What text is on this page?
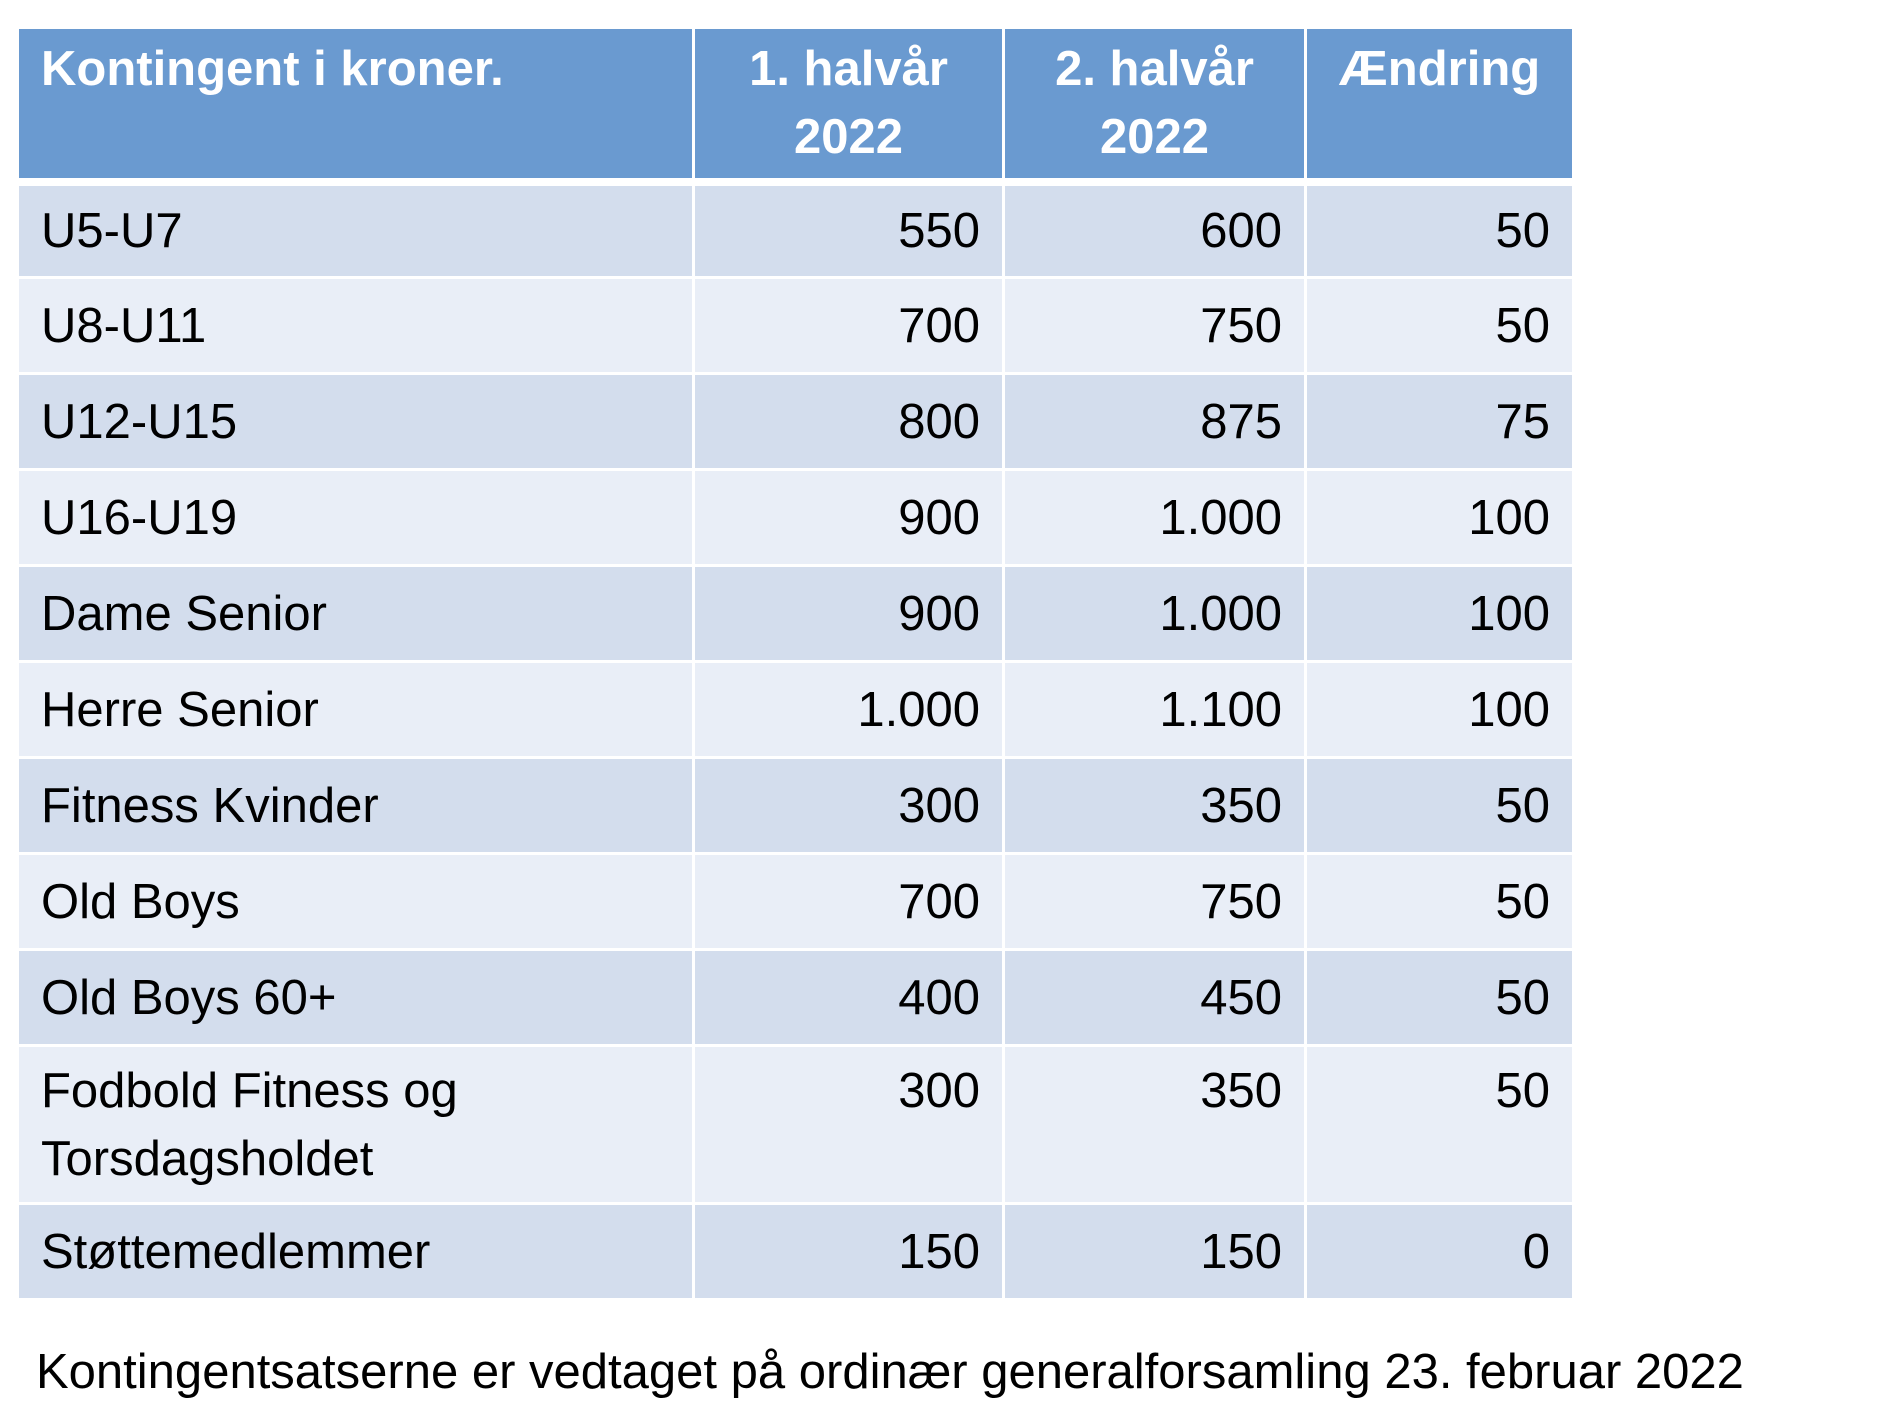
Kontingent i kroner.	1. halvår 2022	2. halvår 2022	Ændring
U5-U7	550	600	50
U8-U11	700	750	50
U12-U15	800	875	75
U16-U19	900	1.000	100
Dame Senior	900	1.000	100
Herre Senior	1.000	1.100	100
Fitness Kvinder	300	350	50
Old Boys	700	750	50
Old Boys 60+	400	450	50
Fodbold Fitness og Torsdagsholdet	300	350	50
Støttemedlemmer	150	150	0
Kontingentsatserne er vedtaget på ordinær generalforsamling 23. februar 2022
